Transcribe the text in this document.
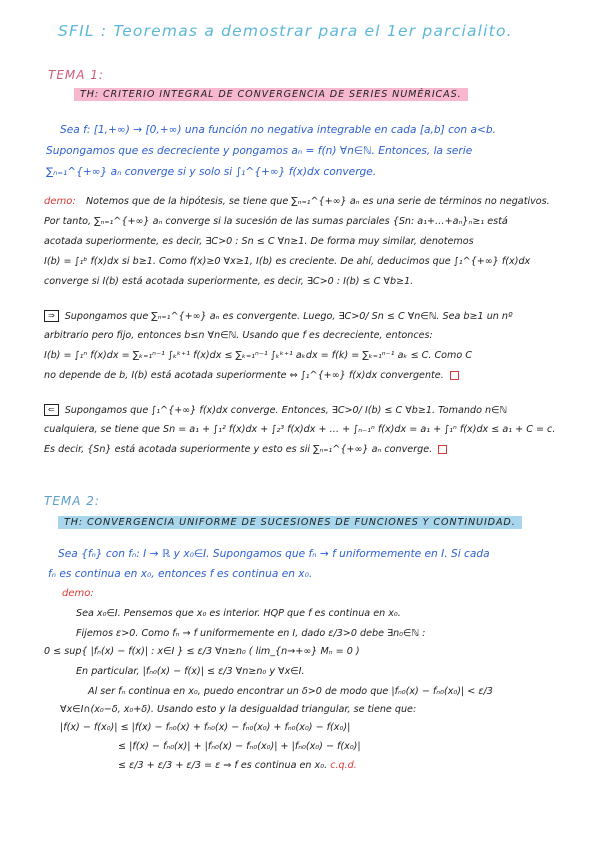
SFIL : Teoremas a demostrar para el 1er parcialito.
TEMA 1:
TH: CRITERIO INTEGRAL DE CONVERGENCIA DE SERIES NUMÉRICAS.
Sea f: [1,+∞) → [0,+∞) una función no negativa integrable en cada [a,b] con a<b.
Supongamos que es decreciente y pongamos aₙ = f(n) ∀n∈ℕ. Entonces, la serie
∑ₙ₌₁^{+∞} aₙ converge si y solo si ∫₁^{+∞} f(x)dx converge.
demo: Notemos que de la hipótesis, se tiene que ∑ₙ₌₁^{+∞} aₙ es una serie de términos no negativos.
Por tanto, ∑ₙ₌₁^{+∞} aₙ converge si la sucesión de las sumas parciales {Sn: a₁+…+aₙ}ₙ≥₁ está
acotada superiormente, es decir, ∃C>0 : Sn ≤ C ∀n≥1. De forma muy similar, denotemos
I(b) = ∫₁ᵇ f(x)dx si b≥1. Como f(x)≥0 ∀x≥1, I(b) es creciente. De ahí, deducimos que ∫₁^{+∞} f(x)dx
converge si I(b) está acotada superiormente, es decir, ∃C>0 : I(b) ≤ C ∀b≥1.
⇒ Supongamos que ∑ₙ₌₁^{+∞} aₙ es convergente. Luego, ∃C>0/ Sn ≤ C ∀n∈ℕ. Sea b≥1 un nº
arbitrario pero fijo, entonces b≤n ∀n∈ℕ. Usando que f es decreciente, entonces:
I(b) = ∫₁ⁿ f(x)dx = ∑ₖ₌₁ⁿ⁻¹ ∫ₖᵏ⁺¹ f(x)dx ≤ ∑ₖ₌₁ⁿ⁻¹ ∫ₖᵏ⁺¹ aₖdx = f(k) = ∑ₖ₌₁ⁿ⁻¹ aₖ ≤ C. Como C
no depende de b, I(b) está acotada superiormente ⇔ ∫₁^{+∞} f(x)dx convergente.
⇐ Supongamos que ∫₁^{+∞} f(x)dx converge. Entonces, ∃C>0/ I(b) ≤ C ∀b≥1. Tomando n∈ℕ
cualquiera, se tiene que Sn = a₁ + ∫₁² f(x)dx + ∫₂³ f(x)dx + … + ∫ₙ₋₁ⁿ f(x)dx = a₁ + ∫₁ⁿ f(x)dx ≤ a₁ + C = c.
Es decir, {Sn} está acotada superiormente y esto es sii ∑ₙ₌₁^{+∞} aₙ converge.
TEMA 2:
TH: CONVERGENCIA UNIFORME DE SUCESIONES DE FUNCIONES Y CONTINUIDAD.
Sea {fₙ} con fₙ: I → ℝ y x₀∈I. Supongamos que fₙ → f uniformemente en I. Si cada
fₙ es continua en x₀, entonces f es continua en x₀.
demo:
Sea x₀∈I. Pensemos que x₀ es interior. HQP que f es continua en x₀.
Fijemos ε>0. Como fₙ → f uniformemente en I, dado ε/3>0 debe ∃n₀∈ℕ :
0 ≤ sup{ |fₙ(x) − f(x)| : x∈I } ≤ ε/3 ∀n≥n₀ ( lim_{n→+∞} Mₙ = 0 )
En particular, |fₙ₀(x) − f(x)| ≤ ε/3 ∀n≥n₀ y ∀x∈I.
Al ser fₙ continua en x₀, puedo encontrar un δ>0 de modo que |fₙ₀(x) − fₙ₀(x₀)| < ε/3
∀x∈I∩(x₀−δ, x₀+δ). Usando esto y la desigualdad triangular, se tiene que:
|f(x) − f(x₀)| ≤ |f(x) − fₙ₀(x) + fₙ₀(x) − fₙ₀(x₀) + fₙ₀(x₀) − f(x₀)|
≤ |f(x) − fₙ₀(x)| + |fₙ₀(x) − fₙ₀(x₀)| + |fₙ₀(x₀) − f(x₀)|
≤ ε/3 + ε/3 + ε/3 = ε ⇒ f es continua en x₀. c.q.d.
